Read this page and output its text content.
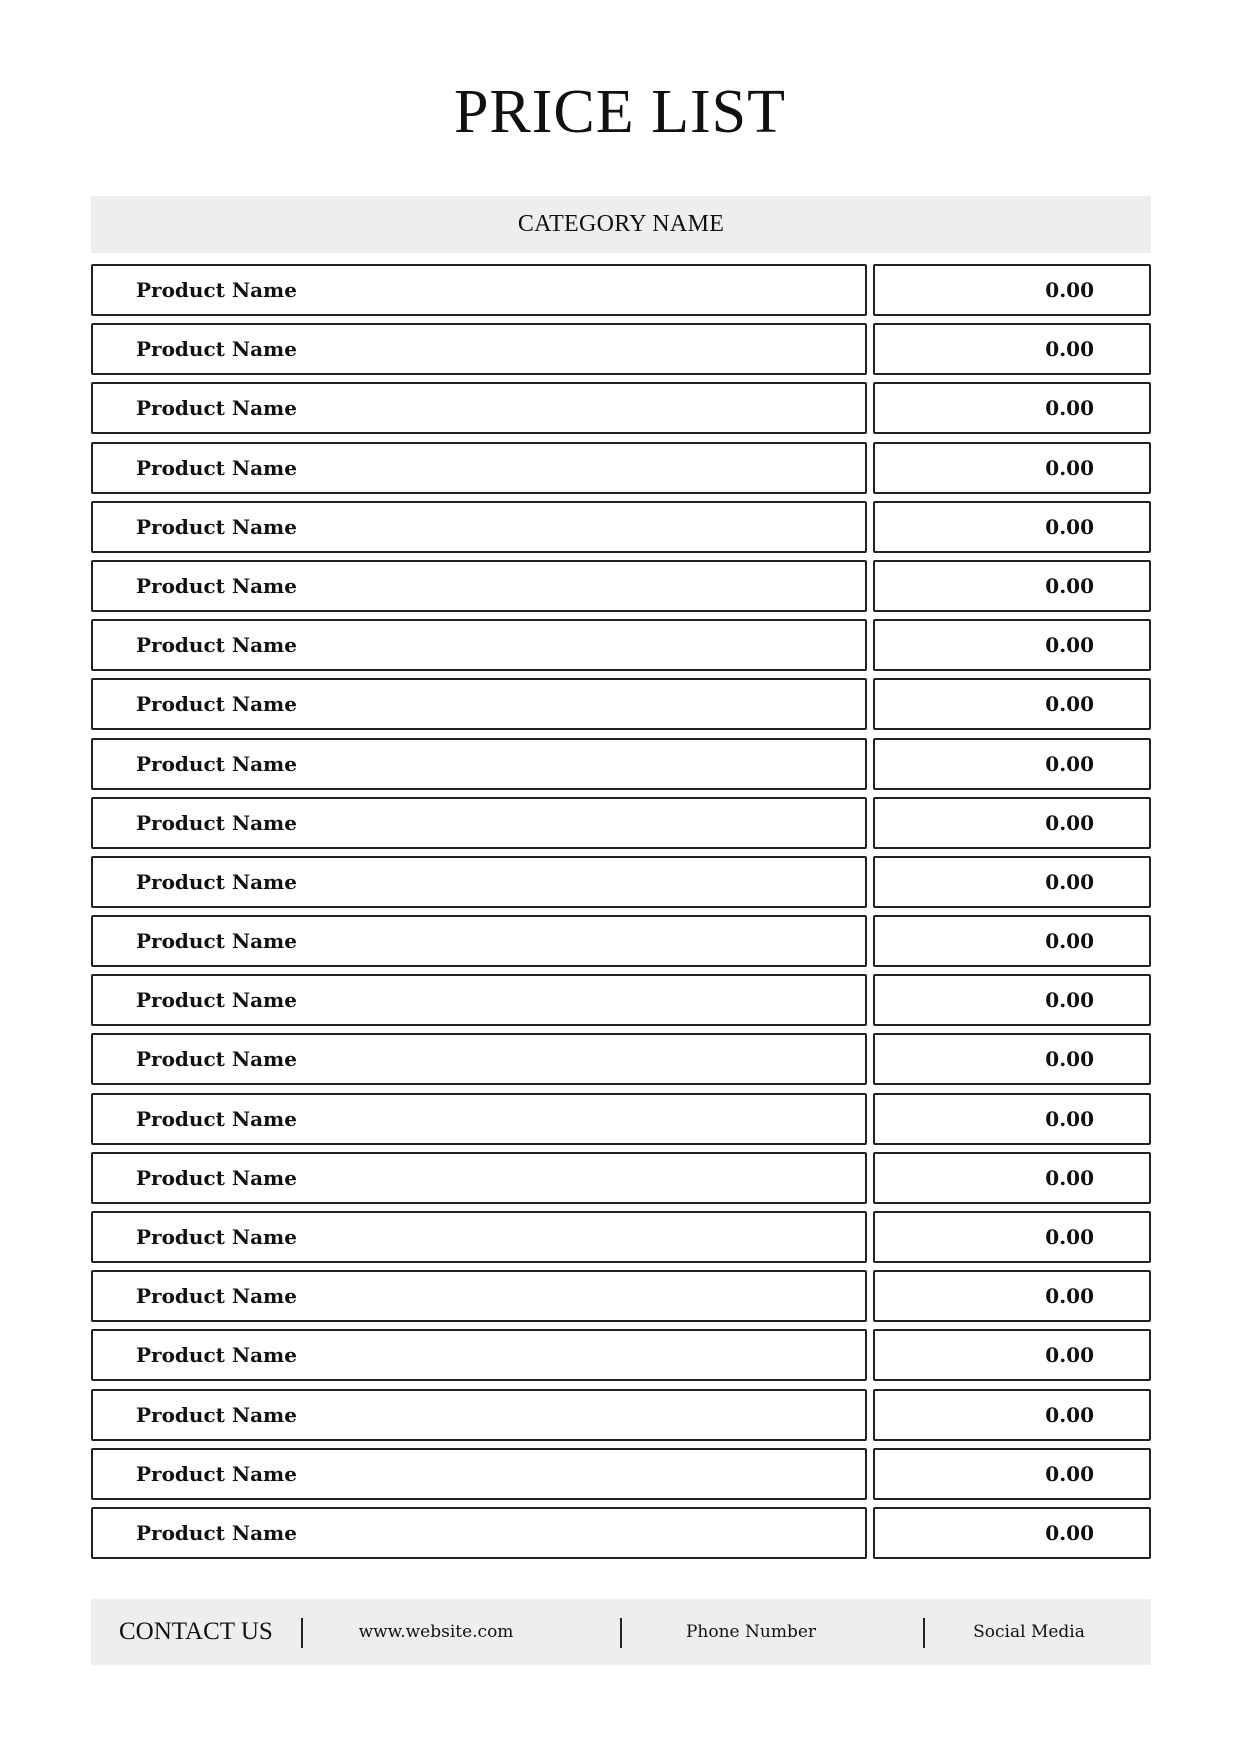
PRICE LIST
CATEGORY NAME
Product Name	0.00
Product Name	0.00
Product Name	0.00
Product Name	0.00
Product Name	0.00
Product Name	0.00
Product Name	0.00
Product Name	0.00
Product Name	0.00
Product Name	0.00
Product Name	0.00
Product Name	0.00
Product Name	0.00
Product Name	0.00
Product Name	0.00
Product Name	0.00
Product Name	0.00
Product Name	0.00
Product Name	0.00
Product Name	0.00
Product Name	0.00
Product Name	0.00
CONTACT US	www.website.com	Phone Number	Social Media
